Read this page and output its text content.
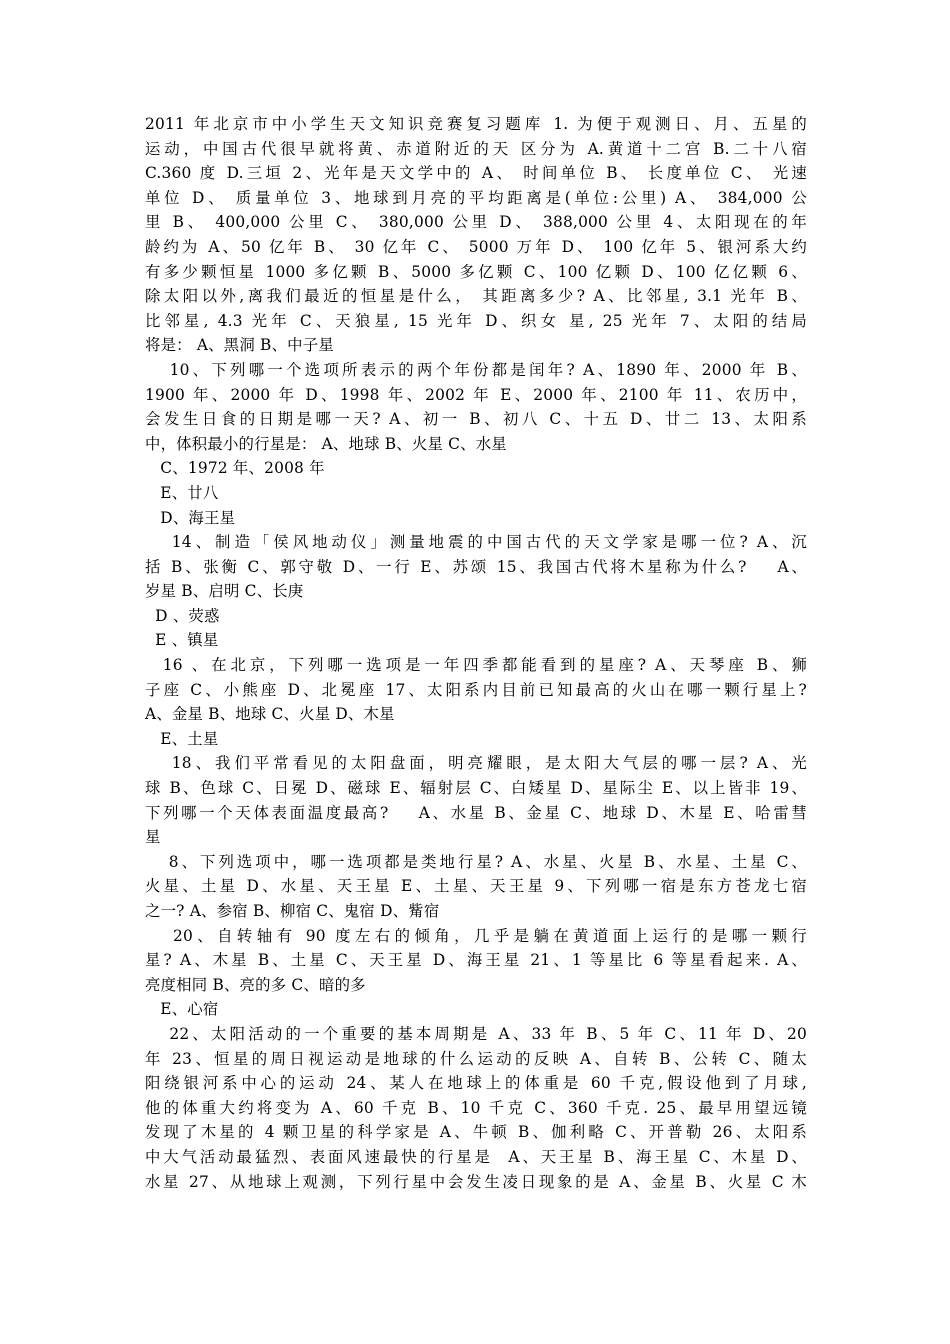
2011 年北京市中小学生天文知识竞赛复习题库 1. 为便于观测日、月、五星的

运动，中国古代很早就将黄、赤道附近的天 区分为 A.黄道十二宫 B.二十八宿

C.360 度 D.三垣 2、光年是天文学中的 A、 时间单位 B、 长度单位 C、 光速

单位 D、 质量单位 3、地球到月亮的平均距离是(单位:公里) A、 384,000 公

里 B、 400,000 公里 C、 380,000 公里 D、 388,000 公里 4、太阳现在的年

龄约为 A、50 亿年 B、 30 亿年 C、 5000 万年 D、 100 亿年 5、银河系大约

有多少颗恒星 1000 多亿颗 B、5000 多亿颗 C、100 亿颗 D、100 亿亿颗 6、

除太阳以外,离我们最近的恒星是什么， 其距离多少? A、比邻星, 3.1 光年 B、

比邻星, 4.3 光年 C、天狼星, 15 光年 D、织女 星, 25 光年 7、太阳的结局

将是： A、黑洞 B、中子星

10、下列哪一个选项所表示的两个年份都是闰年? A、1890 年、2000 年 B、

1900 年、2000 年 D、1998 年、2002 年 E、2000 年、2100 年 11、农历中，

会发生日食的日期是哪一天? A、初一 B、初八 C、十五 D、廿二 13、太阳系

中，体积最小的行星是： A、地球 B、火星 C、水星

C、1972 年、2008 年

E、廿八

D、海王星

14、制造「侯风地动仪」测量地震的中国古代的天文学家是哪一位? A、沉

括 B、张衡 C、郭守敬 D、一行 E、苏颂 15、我国古代将木星称为什么?    A、

岁星 B、启明 C、长庚

D 、荧惑

E 、镇星

16 、在北京，下列哪一选项是一年四季都能看到的星座? A、天琴座 B、狮

子座 C、小熊座 D、北冕座 17、太阳系内目前已知最高的火山在哪一颗行星上?

A、金星 B、地球 C、火星 D、木星

E、土星

18、我们平常看见的太阳盘面，明亮耀眼，是太阳大气层的哪一层? A、光

球 B、色球 C、日冕 D、磁球 E、辐射层 C、白矮星 D、星际尘 E、以上皆非 19、

下列哪一个天体表面温度最高?    A、水星 B、金星 C、地球 D、木星 E、哈雷彗

星

8、下列选项中，哪一选项都是类地行星? A、水星、火星 B、水星、土星 C、

火星、土星 D、水星、天王星 E、土星、天王星 9、下列哪一宿是东方苍龙七宿

之一? A、参宿 B、柳宿 C、鬼宿 D、觜宿

20、自转轴有 90 度左右的倾角，几乎是躺在黄道面上运行的是哪一颗行

星? A、木星 B、土星 C、天王星 D、海王星 21、1 等星比 6 等星看起来. A、

亮度相同 B、亮的多 C、暗的多

E、心宿

22、太阳活动的一个重要的基本周期是 A、33 年 B、5 年 C、11 年 D、20

年 23、恒星的周日视运动是地球的什么运动的反映 A、自转 B、公转 C、随太

阳绕银河系中心的运动 24、某人在地球上的体重是 60 千克,假设他到了月球,

他的体重大约将变为 A、60 千克 B、10 千克 C、360 千克. 25、最早用望远镜

发现了木星的 4 颗卫星的科学家是 A、牛顿 B、伽利略 C、开普勒 26、太阳系

中大气活动最猛烈、表面风速最快的行星是  A、天王星 B、海王星 C、木星 D、

水星 27、从地球上观测，下列行星中会发生凌日现象的是 A、金星 B、火星 C 木
